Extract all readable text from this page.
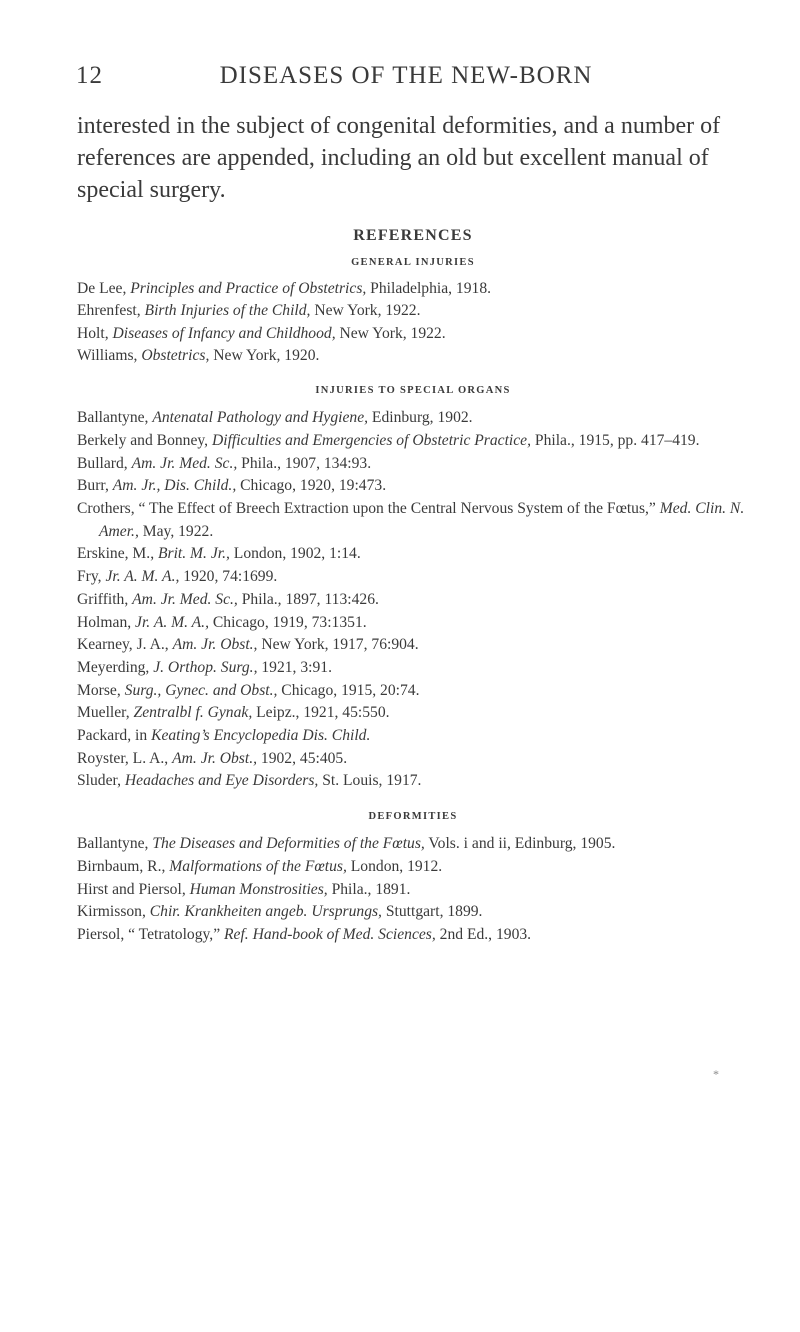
12	DISEASES OF THE NEW-BORN

interested in the subject of congenital deformities, and a number of references are appended, including an old but excellent manual of special surgery.

REFERENCES
GENERAL INJURIES
De Lee, Principles and Practice of Obstetrics, Philadelphia, 1918.
Ehrenfest, Birth Injuries of the Child, New York, 1922.
Holt, Diseases of Infancy and Childhood, New York, 1922.
Williams, Obstetrics, New York, 1920.
INJURIES TO SPECIAL ORGANS
Ballantyne, Antenatal Pathology and Hygiene, Edinburg, 1902.
Berkely and Bonney, Difficulties and Emergencies of Obstetric Practice, Phila., 1915, pp. 417–419.
Bullard, Am. Jr. Med. Sc., Phila., 1907, 134:93.
Burr, Am. Jr., Dis. Child., Chicago, 1920, 19:473.
Crothers, “ The Effect of Breech Extraction upon the Central Nervous System of the Fœtus,” Med. Clin. N. Amer., May, 1922.
Erskine, M., Brit. M. Jr., London, 1902, 1:14.
Fry, Jr. A. M. A., 1920, 74:1699.
Griffith, Am. Jr. Med. Sc., Phila., 1897, 113:426.
Holman, Jr. A. M. A., Chicago, 1919, 73:1351.
Kearney, J. A., Am. Jr. Obst., New York, 1917, 76:904.
Meyerding, J. Orthop. Surg., 1921, 3:91.
Morse, Surg., Gynec. and Obst., Chicago, 1915, 20:74.
Mueller, Zentralbl f. Gynak, Leipz., 1921, 45:550.
Packard, in Keating’s Encyclopedia Dis. Child.
Royster, L. A., Am. Jr. Obst., 1902, 45:405.
Sluder, Headaches and Eye Disorders, St. Louis, 1917.
DEFORMITIES
Ballantyne, The Diseases and Deformities of the Fœtus, Vols. i and ii, Edinburg, 1905.
Birnbaum, R., Malformations of the Fœtus, London, 1912.
Hirst and Piersol, Human Monstrosities, Phila., 1891.
Kirmisson, Chir. Krankheiten angeb. Ursprungs, Stuttgart, 1899.
Piersol, “ Tetratology,” Ref. Hand-book of Med. Sciences, 2nd Ed., 1903.
*
